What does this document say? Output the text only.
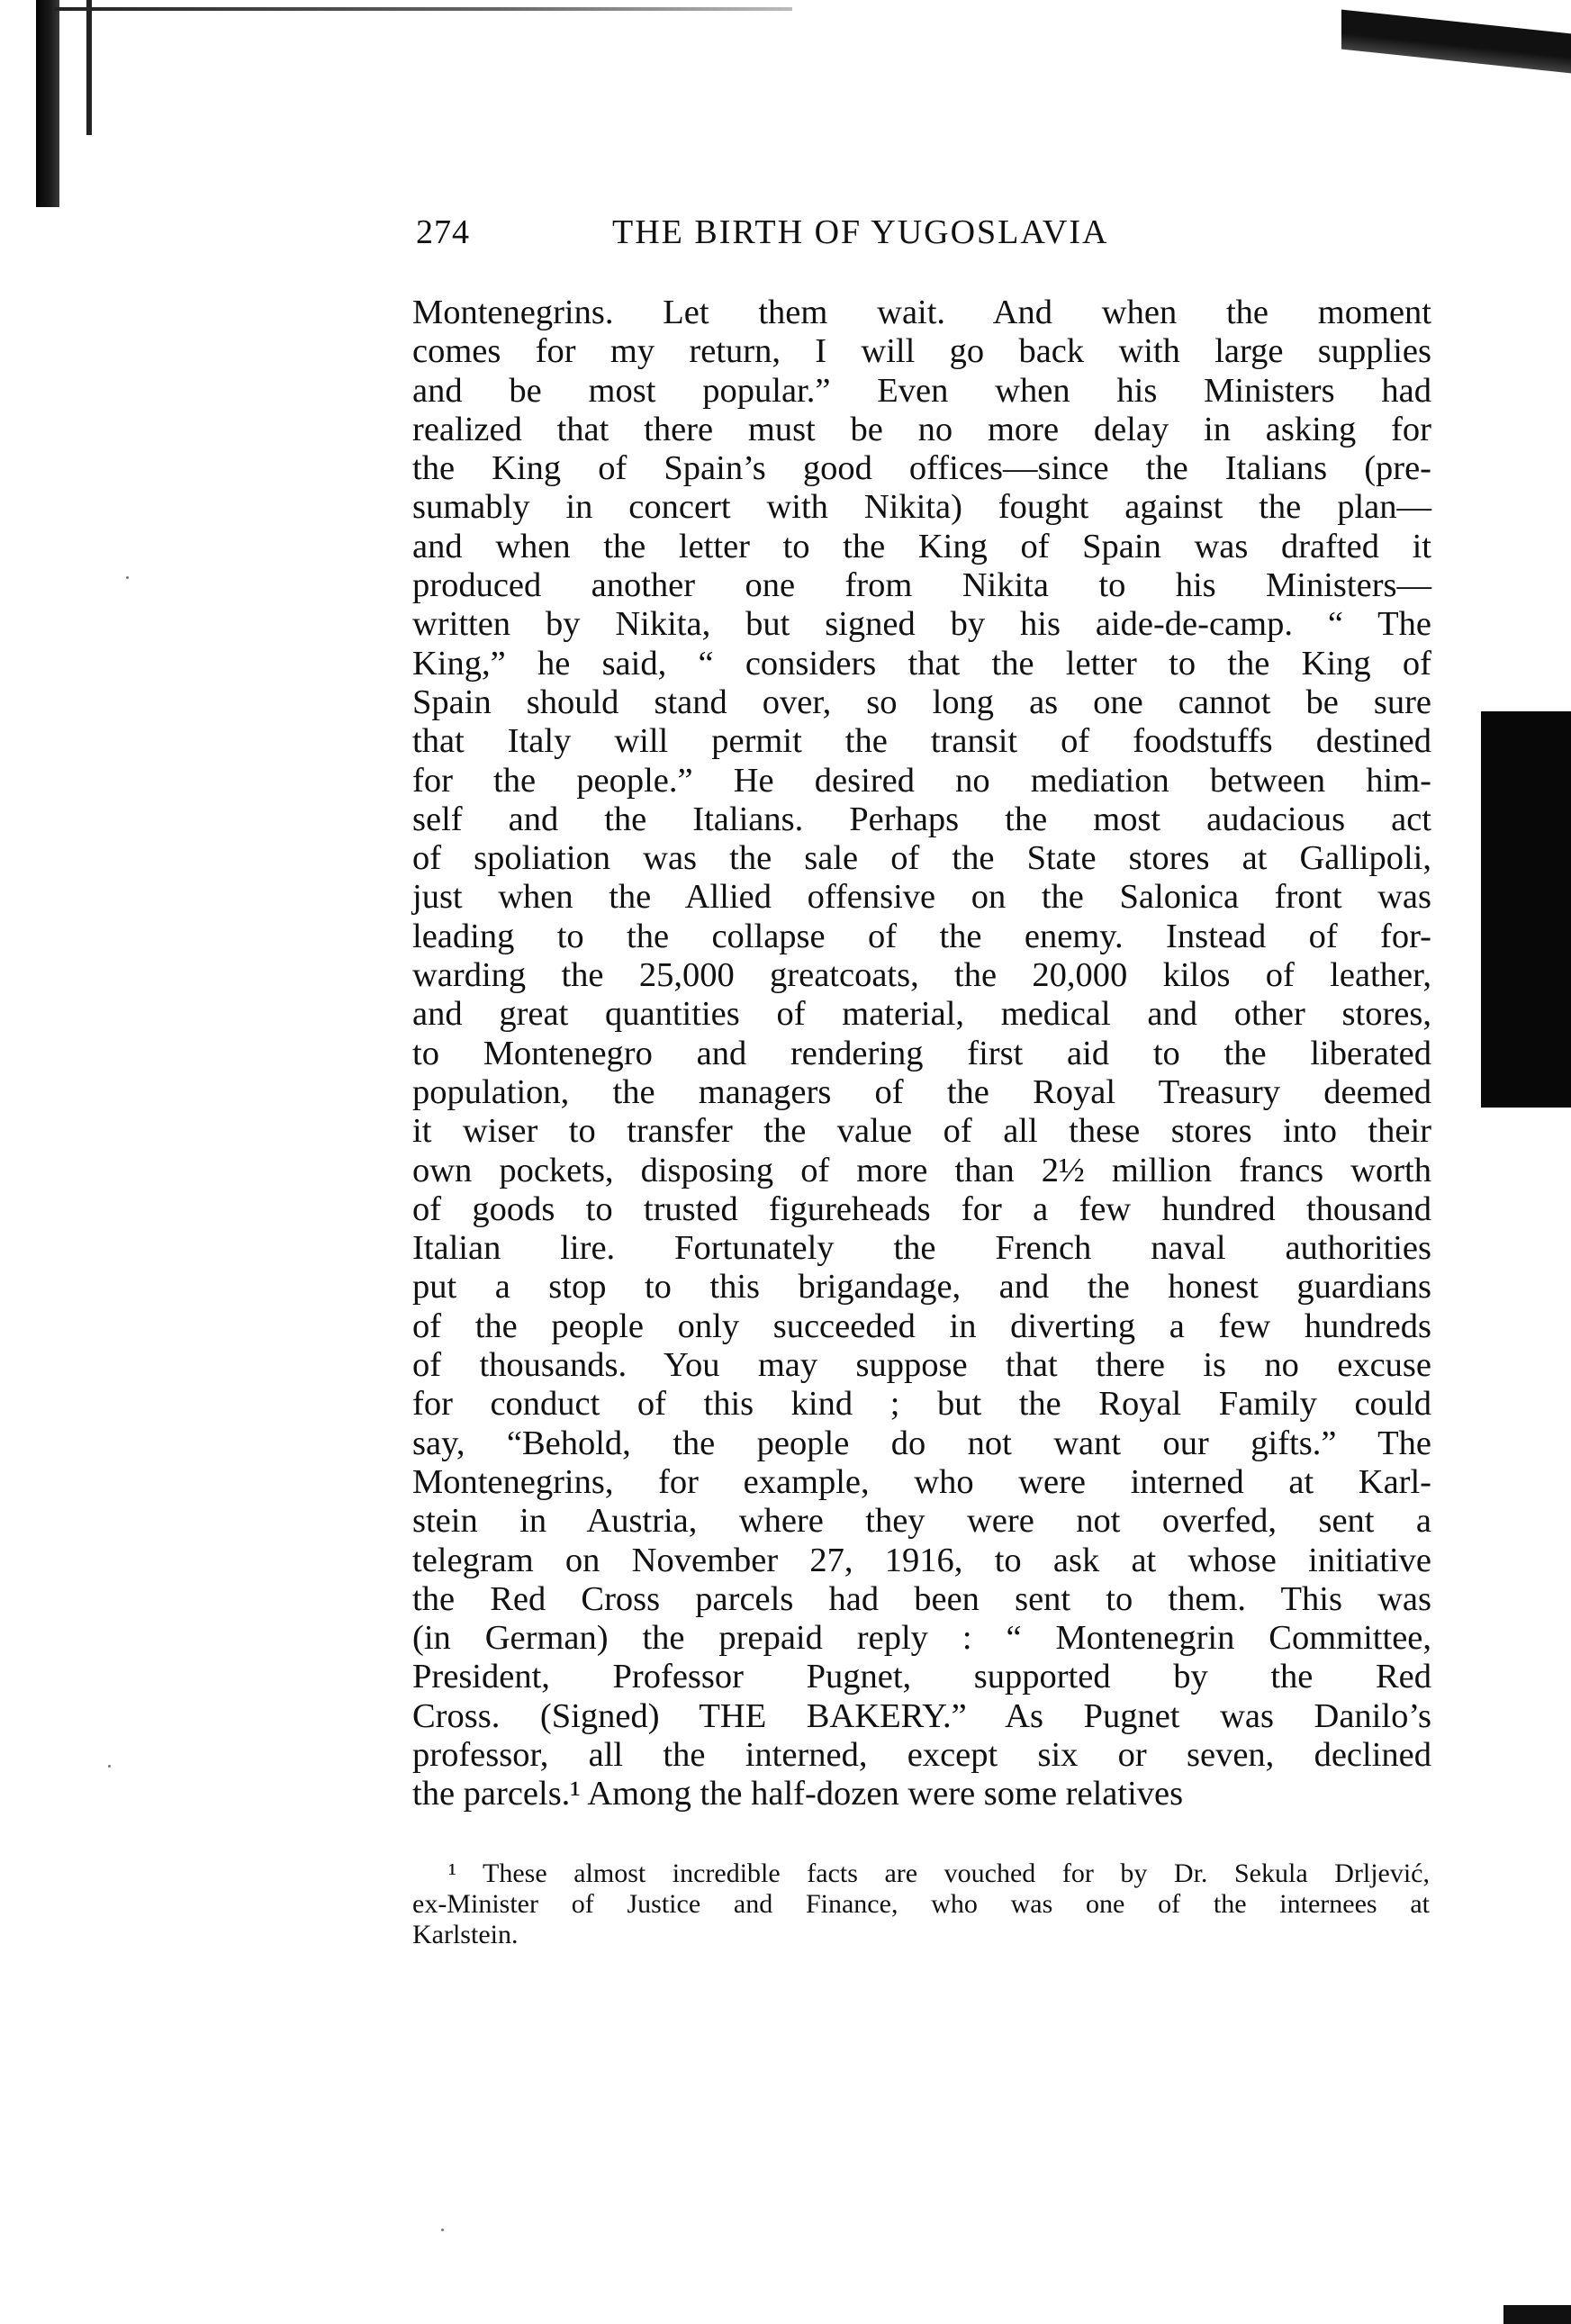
274	THE BIRTH OF YUGOSLAVIA
Montenegrins. Let them wait. And when the moment
comes for my return, I will go back with large supplies
and be most popular.” Even when his Ministers had
realized that there must be no more delay in asking for
the King of Spain’s good offices—since the Italians (pre-
sumably in concert with Nikita) fought against the plan—
and when the letter to the King of Spain was drafted it
produced another one from Nikita to his Ministers—
written by Nikita, but signed by his aide-de-camp. “ The
King,” he said, “ considers that the letter to the King of
Spain should stand over, so long as one cannot be sure
that Italy will permit the transit of foodstuffs destined
for the people.” He desired no mediation between him-
self and the Italians. Perhaps the most audacious act
of spoliation was the sale of the State stores at Gallipoli,
just when the Allied offensive on the Salonica front was
leading to the collapse of the enemy. Instead of for-
warding the 25,000 greatcoats, the 20,000 kilos of leather,
and great quantities of material, medical and other stores,
to Montenegro and rendering first aid to the liberated
population, the managers of the Royal Treasury deemed
it wiser to transfer the value of all these stores into their
own pockets, disposing of more than 2½ million francs worth
of goods to trusted figureheads for a few hundred thousand
Italian lire. Fortunately the French naval authorities
put a stop to this brigandage, and the honest guardians
of the people only succeeded in diverting a few hundreds
of thousands. You may suppose that there is no excuse
for conduct of this kind ; but the Royal Family could
say, “Behold, the people do not want our gifts.” The
Montenegrins, for example, who were interned at Karl-
stein in Austria, where they were not overfed, sent a
telegram on November 27, 1916, to ask at whose initiative
the Red Cross parcels had been sent to them. This was
(in German) the prepaid reply : “ Montenegrin Committee,
President, Professor Pugnet, supported by the Red
Cross. (Signed) THE BAKERY.” As Pugnet was Danilo’s
professor, all the interned, except six or seven, declined
the parcels.¹ Among the half-dozen were some relatives
¹ These almost incredible facts are vouched for by Dr. Sekula Drljević,
ex-Minister of Justice and Finance, who was one of the internees at
Karlstein.
